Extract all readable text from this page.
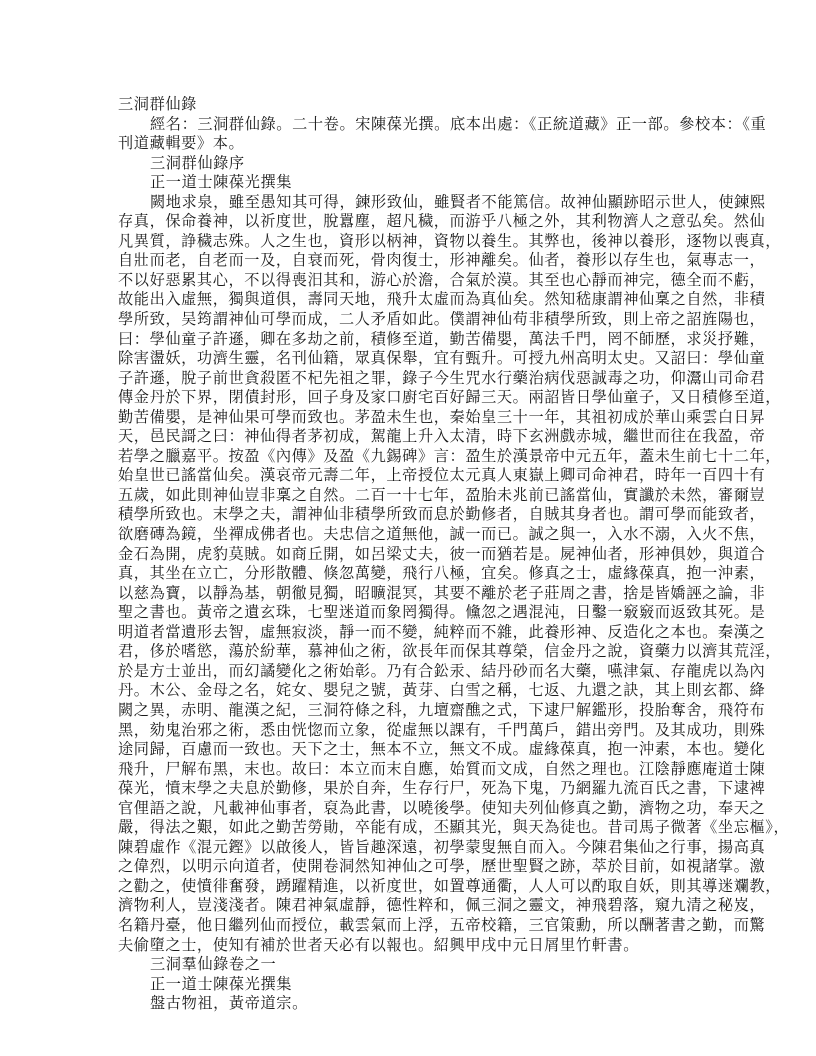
三洞群仙錄
經名：三洞群仙錄。二十卷。宋陳葆光撰。底本出處：《正統道藏》正一部。參校本：《重
刊道藏輯要》本。
三洞群仙錄序
正一道士陳葆光撰集
闕地求泉，雖至愚知其可得，鍊形致仙，雖賢者不能篤信。故神仙顯跡昭示世人，使鍊熙
存真，保命養神，以祈度世，脫囂塵，超凡穢，而游乎八極之外，其利物濟人之意弘矣。然仙
凡異質，諍穢志殊。人之生也，資形以柄神，資物以養生。其弊也，後神以養形，逐物以喪真，
自壯而老，自老而一及，自衰而死，骨肉復士，形神離矣。仙者，養形以存生也，氣專志一，
不以好惡累其心，不以得喪汨其和，游心於澹，合氣於漠。其至也心靜而神完，德全而不虧，
故能出入虛無，獨與道俱，壽同天地，飛升太虛而為真仙矣。然知嵇康謂神仙稟之自然，非積
學所致，吴筠謂神仙可學而成，二人矛盾如此。僕謂神仙苟非積學所致，則上帝之詔旌陽也，
曰：學仙童子許遜，卿在多劫之前，積修至道，勤苦備嬰，萬法千門，罔不師歷，求災抒難，
除害盪妖，功濟生靈，名刊仙籍，眾真保舉，宜有甄升。可授九州高明太史。又詔曰：學仙童
子許遜，脫子前世貪殺匿不杞先祖之罪，錄子今生咒水行藥治病伐惡誠毒之功，仰灊山司命君
傳金丹於下界，閉債封形，回子身及家口廚宅百好歸三天。兩詔皆日學仙童子，又日積修至道，
勤苦備嬰，是神仙果可學而致也。茅盈未生也，秦始皇三十一年，其祖初成於華山乘雲白日昇
天，邑民謌之曰：神仙得者茅初成，駕龍上升入太清，時下玄洲戲赤城，繼世而往在我盈，帝
若學之臘嘉平。按盈《內傳》及盈《九錫碑》言：盈生於漢景帝中元五年，蓋未生前七十二年，
始皇世已謠當仙矣。漢哀帝元壽二年，上帝授位太元真人東嶽上卿司命神君，時年一百四十有
五歲，如此則神仙豈非稟之自然。二百一十七年，盈胎未兆前已謠當仙，實讖於未然，審爾豈
積學所致也。末學之夫，謂神仙非積學所致而息於勤修者，自賊其身者也。謂可學而能致者，
欲磨磚為鏡，坐禪成佛者也。夫忠信之道無他，誠一而已。誠之與一，入水不溺，入火不焦，
金石為開，虎豹莫賊。如商丘開，如呂梁丈夫，彼一而猶若是。屍神仙者，形神俱妙，與道合
真，其坐在立亡，分形散體、倏忽萬變，飛行八極，宜矣。修真之士，虛緣葆真，抱一沖素，
以慈為寶，以靜為基，朝徹見獨，昭曠混冥，其要不離於老子莊周之書，捨是皆嬌誣之論，非
聖之書也。黃帝之遺玄珠，七聖迷道而象罔獨得。儵忽之遇混沌，日鑿一竅竅而返致其死。是
明道者當遺形去智，虛無寂淡，靜一而不變，純粹而不雜，此養形神、反造化之本也。秦漢之
君，侈於嗜慾，蕩於紛華，慕神仙之術，欲長年而保其尊榮，信金丹之說，資藥力以濟其荒淫，
於是方士並出，而幻譎變化之術始彰。乃有合鈆汞、結丹砂而名大藥，嚥津氣、存龍虎以為內
丹。木公、金母之名，姹女、嬰兒之號，黃芽、白雪之稱，七返、九還之訣，其上則玄都、絳
闕之異，赤明、龍漢之紀，三洞符條之科，九壇齋醮之式，下逮尸解鑑形，投胎奪舍，飛符布
黑，劾鬼治邪之術，悉由恍惚而立象，從虛無以課有，千門萬戶，錯出旁門。及其成功，則殊
途同歸，百慮而一致也。天下之士，無本不立，無文不成。虛緣葆真，抱一沖素，本也。變化
飛升，尸解布黑，末也。故曰：本立而末自應，始質而文成，自然之理也。江陰靜應庵道士陳
葆光，憤末學之夫息於勤修，果於自奔，生存行尸，死為下鬼，乃網羅九流百氏之書，下逮裨
官俚語之說，凡載神仙事者，裒為此書，以曉後學。使知夫列仙修真之勤，濟物之功，奉天之
嚴，得法之艱，如此之勤苦勞勛，卒能有成，丕顯其光，與天為徒也。昔司馬子微著《坐忘樞》，
陳碧虛作《混元鏗》以啟後人，皆旨趣深遠，初學蒙叟無自而入。今陳君集仙之行事，揚高真
之偉烈，以明示向道者，使開卷洞然知神仙之可學，歷世聖賢之跡，萃於目前，如視諸掌。激
之勸之，使憤徘奮發，踴躍精進，以祈度世，如置尊通衢，人人可以酌取自妖，則其導迷斕教，
濟物利人，豈淺淺者。陳君神氣虛靜，德性粹和，佩三洞之靈文，神飛碧落，窺九清之秘岌，
名籍丹臺，他日繼列仙而授位，載雲氣而上浮，五帝校籍，三官策勳，所以酬著書之勤，而驚
夫偷墮之士，使知有補於世者天必有以報也。紹興甲戌中元日屑里竹軒書。
三洞羣仙錄卷之一
正一道士陳葆光撰集
盤古物祖，黃帝道宗。
